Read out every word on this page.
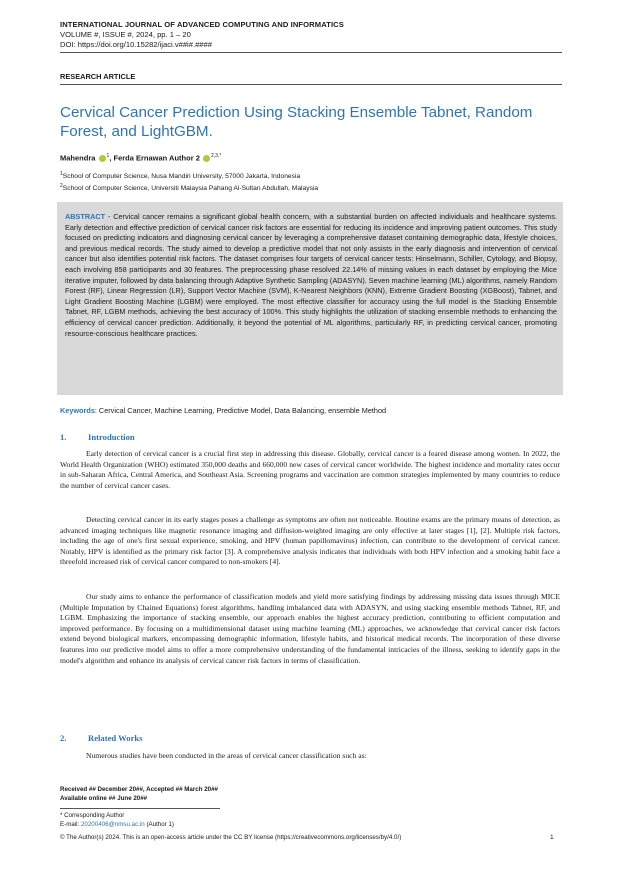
INTERNATIONAL JOURNAL OF ADVANCED COMPUTING AND INFORMATICS
VOLUME #, ISSUE #, 2024, pp. 1 – 20
DOI: https://doi.org/10.15282/ijaci.v##i#.####
RESEARCH ARTICLE
Cervical Cancer Prediction Using Stacking Ensemble Tabnet, Random Forest, and LightGBM.
Mahendra $^1$, Ferda Ernawan Author 2 $^{2,3,*}$
$^1$School of Computer Science, Nusa Mandiri University, 57000 Jakarta, Indonesia
$^2$School of Computer Science, Universiti Malaysia Pahang Al-Sultan Abdullah, Malaysia
ABSTRACT - Cervical cancer remains a significant global health concern, with a substantial burden on affected individuals and healthcare systems. Early detection and effective prediction of cervical cancer risk factors are essential for reducing its incidence and improving patient outcomes. This study focused on predicting indicators and diagnosing cervical cancer by leveraging a comprehensive dataset containing demographic data, lifestyle choices, and previous medical records. The study aimed to develop a predictive model that not only assists in the early diagnosis and intervention of cervical cancer but also identifies potential risk factors. The dataset comprises four targets of cervical cancer tests: Hinselmann, Schiller, Cytology, and Biopsy, each involving 858 participants and 30 features. The preprocessing phase resolved 22.14% of missing values in each dataset by employing the Mice iterative imputer, followed by data balancing through Adaptive Synthetic Sampling (ADASYN). Seven machine learning (ML) algorithms, namely Random Forest (RF), Linear Regression (LR), Support Vector Machine (SVM), K-Nearest Neighbors (KNN), Extreme Gradient Boosting (XGBoost), Tabnet, and Light Gradient Boosting Machine (LGBM) were employed. The most effective classifier for accuracy using the full model is the Stacking Ensemble Tabnet, RF, LGBM methods, achieving the best accuracy of 100%. This study highlights the utilization of stacking ensemble methods to enhancing the efficiency of cervical cancer prediction. Additionally, it beyond the potential of ML algorithms, particularly RF, in predicting cervical cancer, promoting resource-conscious healthcare practices.
Keywords: Cervical Cancer, Machine Learning, Predictive Model, Data Balancing, ensemble Method
1.	Introduction
Early detection of cervical cancer is a crucial first step in addressing this disease. Globally, cervical cancer is a feared disease among women. In 2022, the World Health Organization (WHO) estimated 350,000 deaths and 660,000 new cases of cervical cancer worldwide. The highest incidence and mortality rates occur in sub-Saharan Africa, Central America, and Southeast Asia. Screening programs and vaccination are common strategies implemented by many countries to reduce the number of cervical cancer cases.
Detecting cervical cancer in its early stages poses a challenge as symptoms are often not noticeable. Routine exams are the primary means of detection, as advanced imaging techniques like magnetic resonance imaging and diffusion-weighted imaging are only effective at later stages [1], [2]. Multiple risk factors, including the age of one's first sexual experience, smoking, and HPV (human papillomavirus) infection, can contribute to the development of cervical cancer. Notably, HPV is identified as the primary risk factor [3]. A comprehensive analysis indicates that individuals with both HPV infection and a smoking habit face a threefold increased risk of cervical cancer compared to non-smokers [4].
Our study aims to enhance the performance of classification models and yield more satisfying findings by addressing missing data issues through MICE (Multiple Imputation by Chained Equations) forest algorithms, handling imbalanced data with ADASYN, and using stacking ensemble methods Tabnet, RF, and LGBM. Emphasizing the importance of stacking ensemble, our approach enables the highest accuracy prediction, contributing to efficient computation and improved performance. By focusing on a multidimensional dataset using machine learning (ML) approaches, we acknowledge that cervical cancer risk factors extend beyond biological markers, encompassing demographic information, lifestyle habits, and historical medical records. The incorporation of these diverse features into our predictive model aims to offer a more comprehensive understanding of the fundamental intricacies of the illness, seeking to identify gaps in the model's algorithm and enhance its analysis of cervical cancer risk factors in terms of classification.
2.	Related Works
Numerous studies have been conducted in the areas of cervical cancer classification such as:
Received ## December 20##, Accepted ## March 20##
Available online ## June 20##
* Corresponding Author
E-mail: 20200406@nmsu.ac.in (Author 1)
© The Author(s) 2024. This is an open-access article under the CC BY license (https://creativecommons.org/licenses/by/4.0/)	1
